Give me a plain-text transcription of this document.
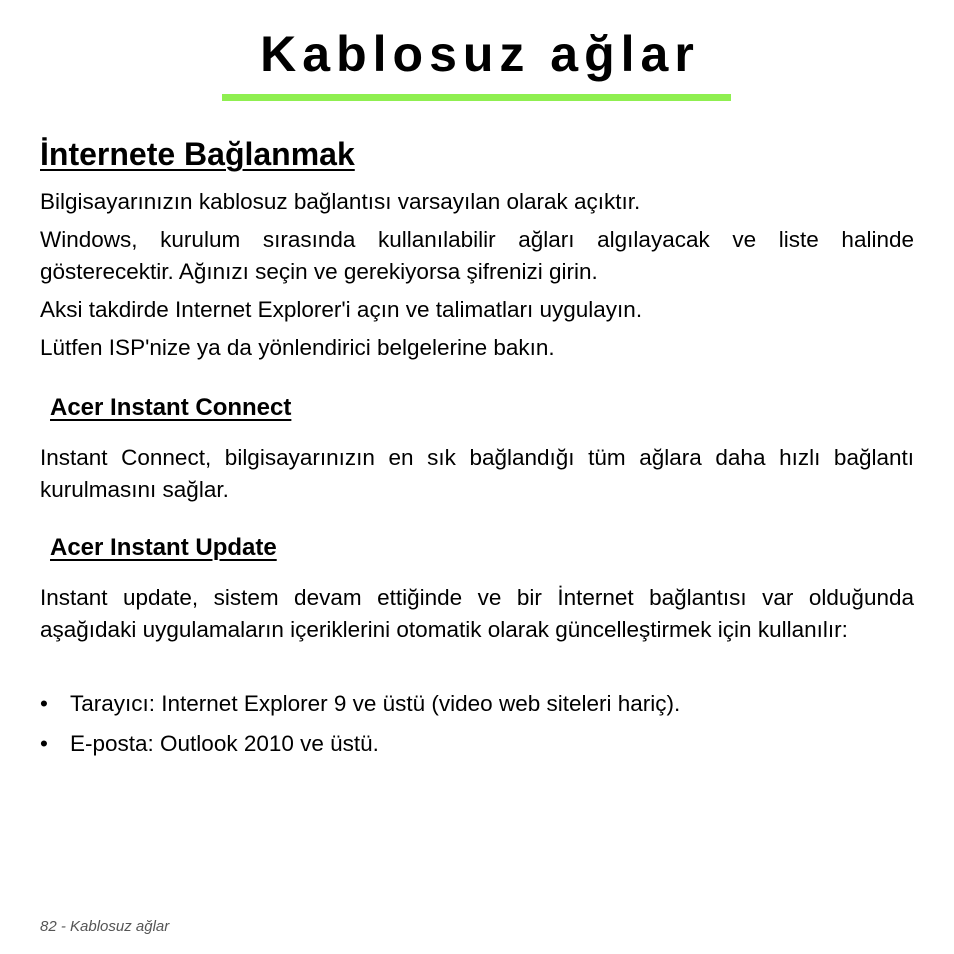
Kablosuz ağlar
İnternete Bağlanmak

Bilgisayarınızın kablosuz bağlantısı varsayılan olarak açıktır.

Windows, kurulum sırasında kullanılabilir ağları algılayacak ve liste halinde gösterecektir. Ağınızı seçin ve gerekiyorsa şifrenizi girin.

Aksi takdirde Internet Explorer'i açın ve talimatları uygulayın.

Lütfen ISP'nize ya da yönlendirici belgelerine bakın.

Acer Instant Connect

Instant Connect, bilgisayarınızın en sık bağlandığı tüm ağlara daha hızlı bağlantı kurulmasını sağlar.

Acer Instant Update

Instant update, sistem devam ettiğinde ve bir İnternet bağlantısı var olduğunda aşağıdaki uygulamaların içeriklerini otomatik olarak güncelleştirmek için kullanılır:

• Tarayıcı: Internet Explorer 9 ve üstü (video web siteleri hariç).
• E-posta: Outlook 2010 ve üstü.
82 - Kablosuz ağlar
